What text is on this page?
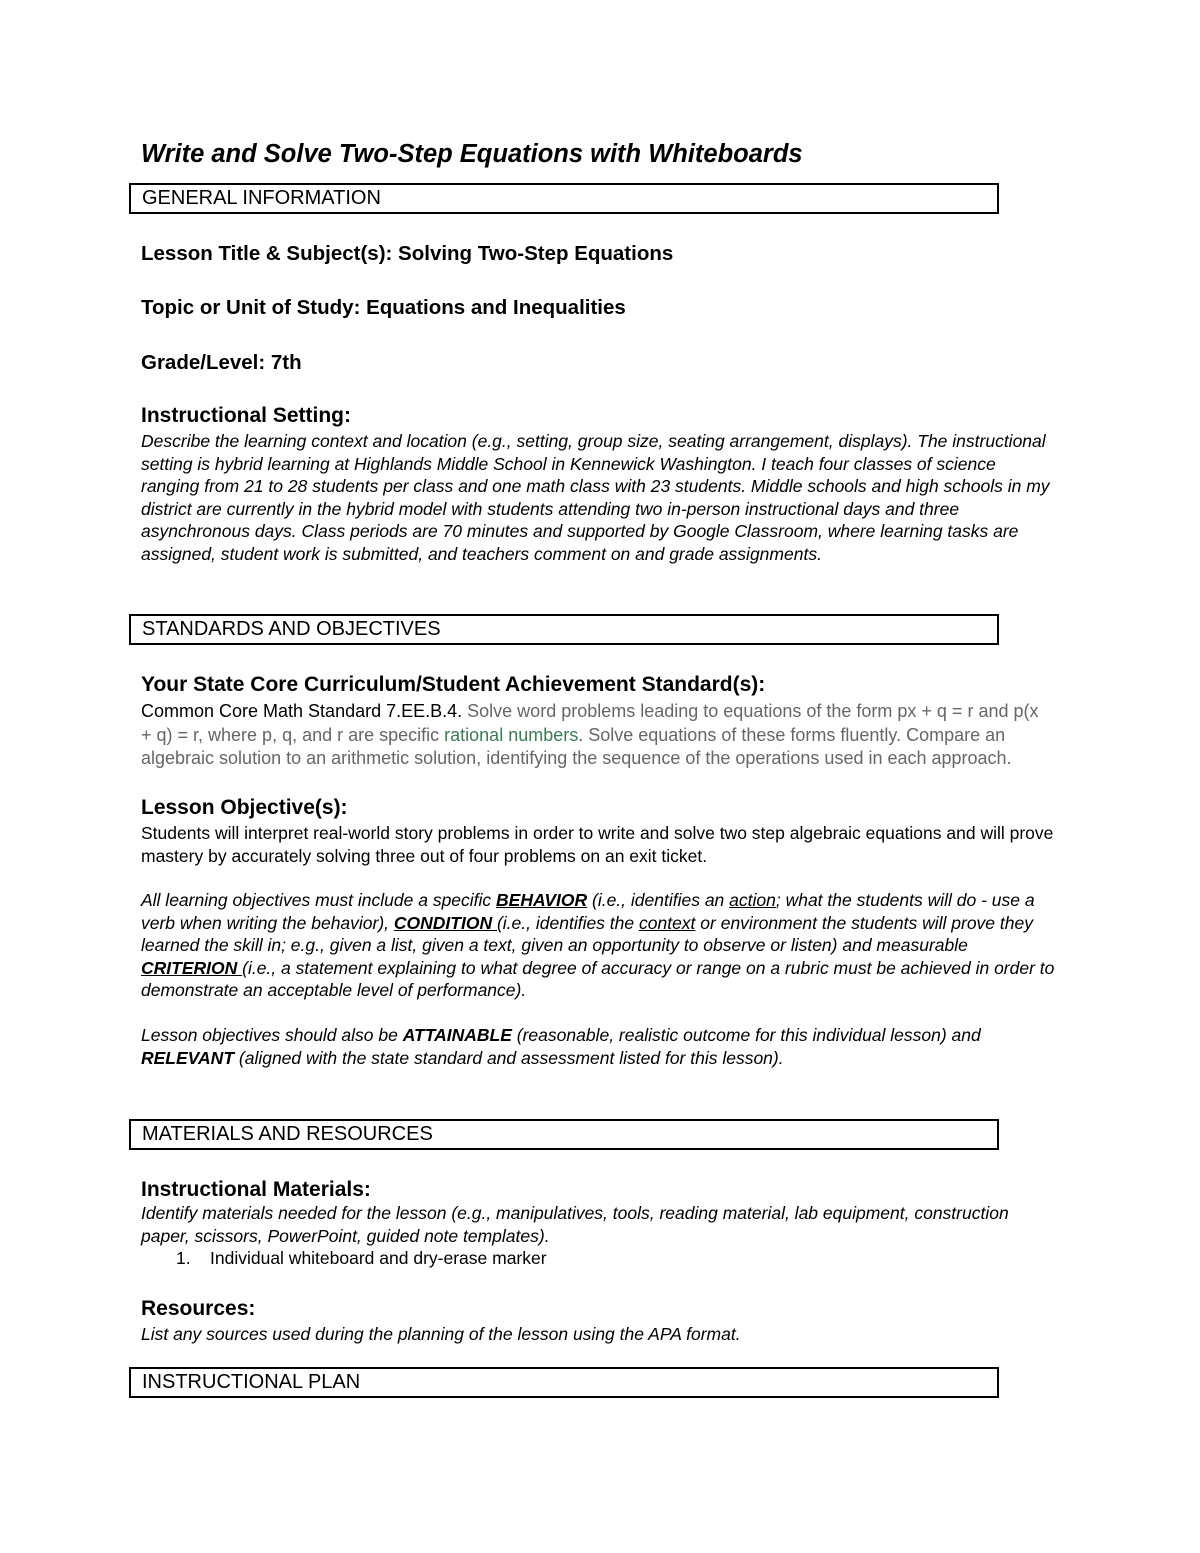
Write and Solve Two-Step Equations with Whiteboards
GENERAL INFORMATION
Lesson Title & Subject(s): Solving Two-Step Equations
Topic or Unit of Study: Equations and Inequalities
Grade/Level: 7th
Instructional Setting:

Describe the learning context and location (e.g., setting, group size, seating arrangement, displays). The instructional setting is hybrid learning at Highlands Middle School in Kennewick Washington. I teach four classes of science ranging from 21 to 28 students per class and one math class with 23 students. Middle schools and high schools in my district are currently in the hybrid model with students attending two in-person instructional days and three asynchronous days. Class periods are 70 minutes and supported by Google Classroom, where learning tasks are assigned, student work is submitted, and teachers comment on and grade assignments.

STANDARDS AND OBJECTIVES
Your State Core Curriculum/Student Achievement Standard(s):

Common Core Math Standard 7.EE.B.4. Solve word problems leading to equations of the form px + q = r and p(x + q) = r, where p, q, and r are specific rational numbers. Solve equations of these forms fluently. Compare an algebraic solution to an arithmetic solution, identifying the sequence of the operations used in each approach.

Lesson Objective(s):

Students will interpret real-world story problems in order to write and solve two step algebraic equations and will prove mastery by accurately solving three out of four problems on an exit ticket.

All learning objectives must include a specific BEHAVIOR (i.e., identifies an action; what the students will do - use a verb when writing the behavior), CONDITION (i.e., identifies the context or environment the students will prove they learned the skill in; e.g., given a list, given a text, given an opportunity to observe or listen) and measurable CRITERION (i.e., a statement explaining to what degree of accuracy or range on a rubric must be achieved in order to demonstrate an acceptable level of performance).

Lesson objectives should also be ATTAINABLE (reasonable, realistic outcome for this individual lesson) and RELEVANT (aligned with the state standard and assessment listed for this lesson).

MATERIALS AND RESOURCES
Instructional Materials:

Identify materials needed for the lesson (e.g., manipulatives, tools, reading material, lab equipment, construction paper, scissors, PowerPoint, guided note templates).

1. Individual whiteboard and dry-erase marker
Resources:

List any sources used during the planning of the lesson using the APA format.

INSTRUCTIONAL PLAN
